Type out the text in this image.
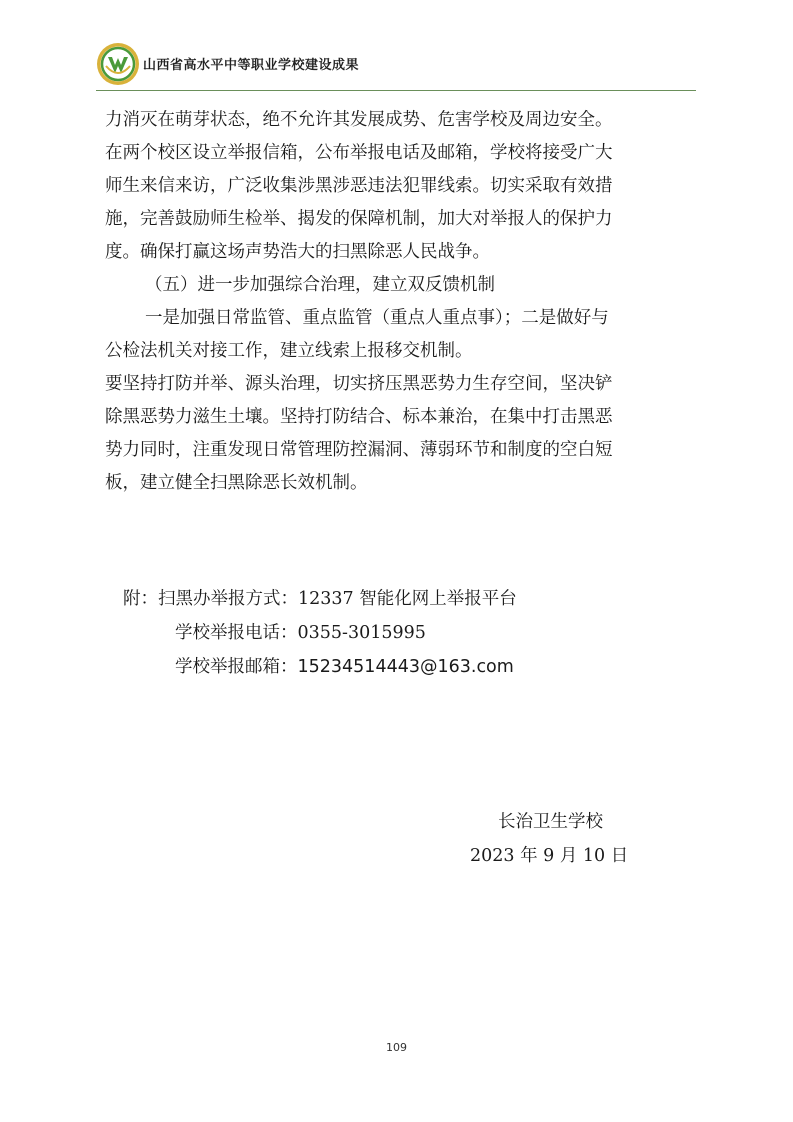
山西省高水平中等职业学校建设成果
力消灭在萌芽状态，绝不允许其发展成势、危害学校及周边安全。
在两个校区设立举报信箱，公布举报电话及邮箱，学校将接受广大
师生来信来访，广泛收集涉黑涉恶违法犯罪线索。切实采取有效措
施，完善鼓励师生检举、揭发的保障机制，加大对举报人的保护力
度。确保打赢这场声势浩大的扫黑除恶人民战争。
（五）进一步加强综合治理，建立双反馈机制
一是加强日常监管、重点监管（重点人重点事）；二是做好与
公检法机关对接工作，建立线索上报移交机制。
要坚持打防并举、源头治理，切实挤压黑恶势力生存空间，坚决铲
除黑恶势力滋生土壤。坚持打防结合、标本兼治，在集中打击黑恶
势力同时，注重发现日常管理防控漏洞、薄弱环节和制度的空白短
板，建立健全扫黑除恶长效机制。
附：扫黑办举报方式：12337 智能化网上举报平台
学校举报电话：0355-3015995
学校举报邮箱：15234514443@163.com
长治卫生学校
2023 年 9 月 10 日
109
